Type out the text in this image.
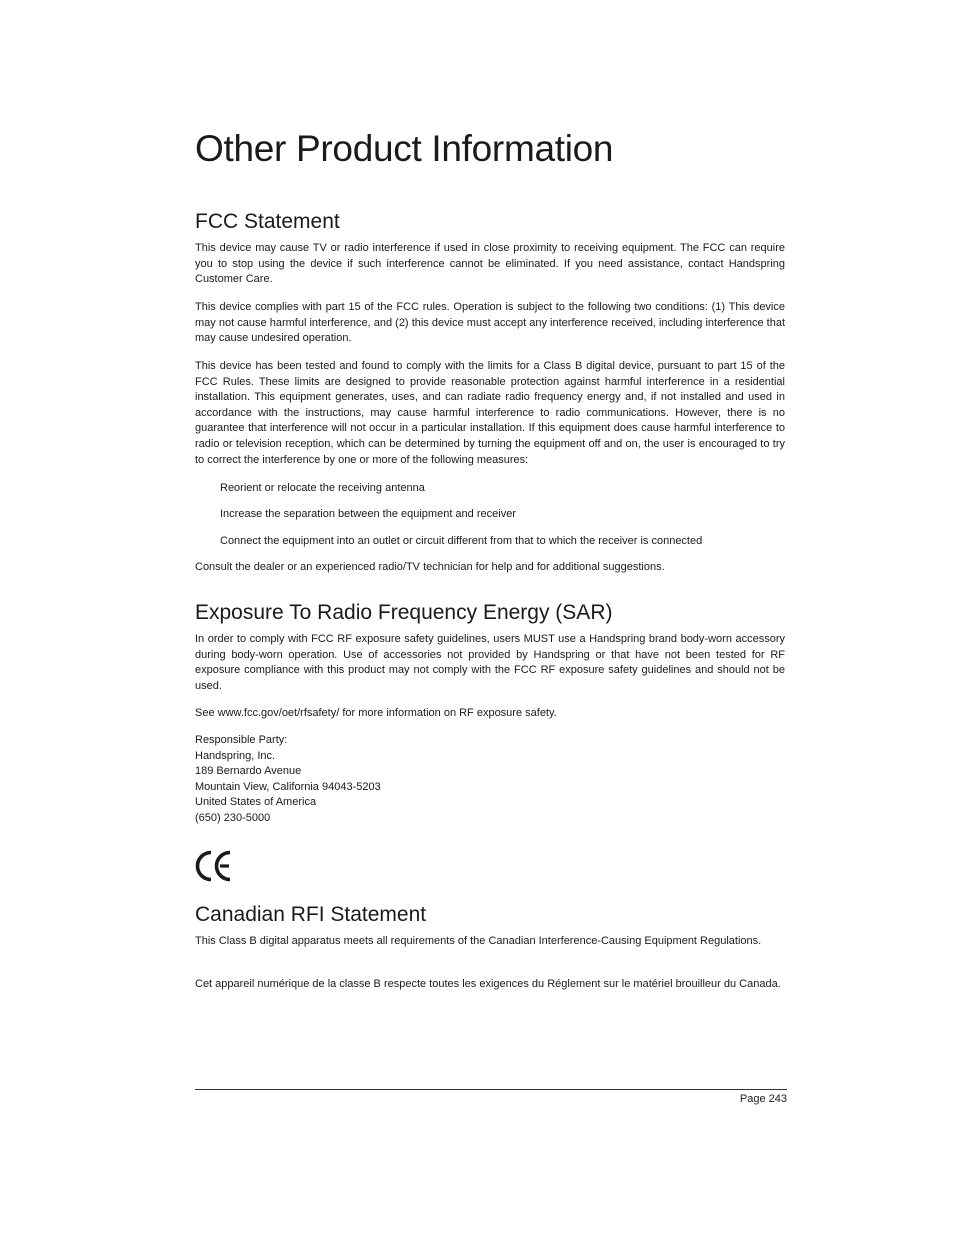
Other Product Information
FCC Statement

This device may cause TV or radio interference if used in close proximity to receiving equipment. The FCC can require you to stop using the device if such interference cannot be eliminated. If you need assistance, contact Handspring Customer Care.

This device complies with part 15 of the FCC rules. Operation is subject to the following two conditions: (1) This device may not cause harmful interference, and (2) this device must accept any interference received, including interference that may cause undesired operation.

This device has been tested and found to comply with the limits for a Class B digital device, pursuant to part 15 of the FCC Rules. These limits are designed to provide reasonable protection against harmful interference in a residential installation. This equipment generates, uses, and can radiate radio frequency energy and, if not installed and used in accordance with the instructions, may cause harmful interference to radio communications. However, there is no guarantee that interference will not occur in a particular installation. If this equipment does cause harmful interference to radio or television reception, which can be determined by turning the equipment off and on, the user is encouraged to try to correct the interference by one or more of the following measures:

Reorient or relocate the receiving antenna

Increase the separation between the equipment and receiver

Connect the equipment into an outlet or circuit different from that to which the receiver is connected

Consult the dealer or an experienced radio/TV technician for help and for additional suggestions.

Exposure To Radio Frequency Energy (SAR)

In order to comply with FCC RF exposure safety guidelines, users MUST use a Handspring brand body-worn accessory during body-worn operation. Use of accessories not provided by Handspring or that have not been tested for RF exposure compliance with this product may not comply with the FCC RF exposure safety guidelines and should not be used.

See www.fcc.gov/oet/rfsafety/ for more information on RF exposure safety.

Responsible Party:
Handspring, Inc.
189 Bernardo Avenue
Mountain View, California 94043-5203
United States of America
(650) 230-5000
Canadian RFI Statement

This Class B digital apparatus meets all requirements of the Canadian Interference-Causing Equipment Regulations.

Cet appareil numérique de la classe B respecte toutes les exigences du Réglement sur le matériel brouilleur du Canada.

Page 243
